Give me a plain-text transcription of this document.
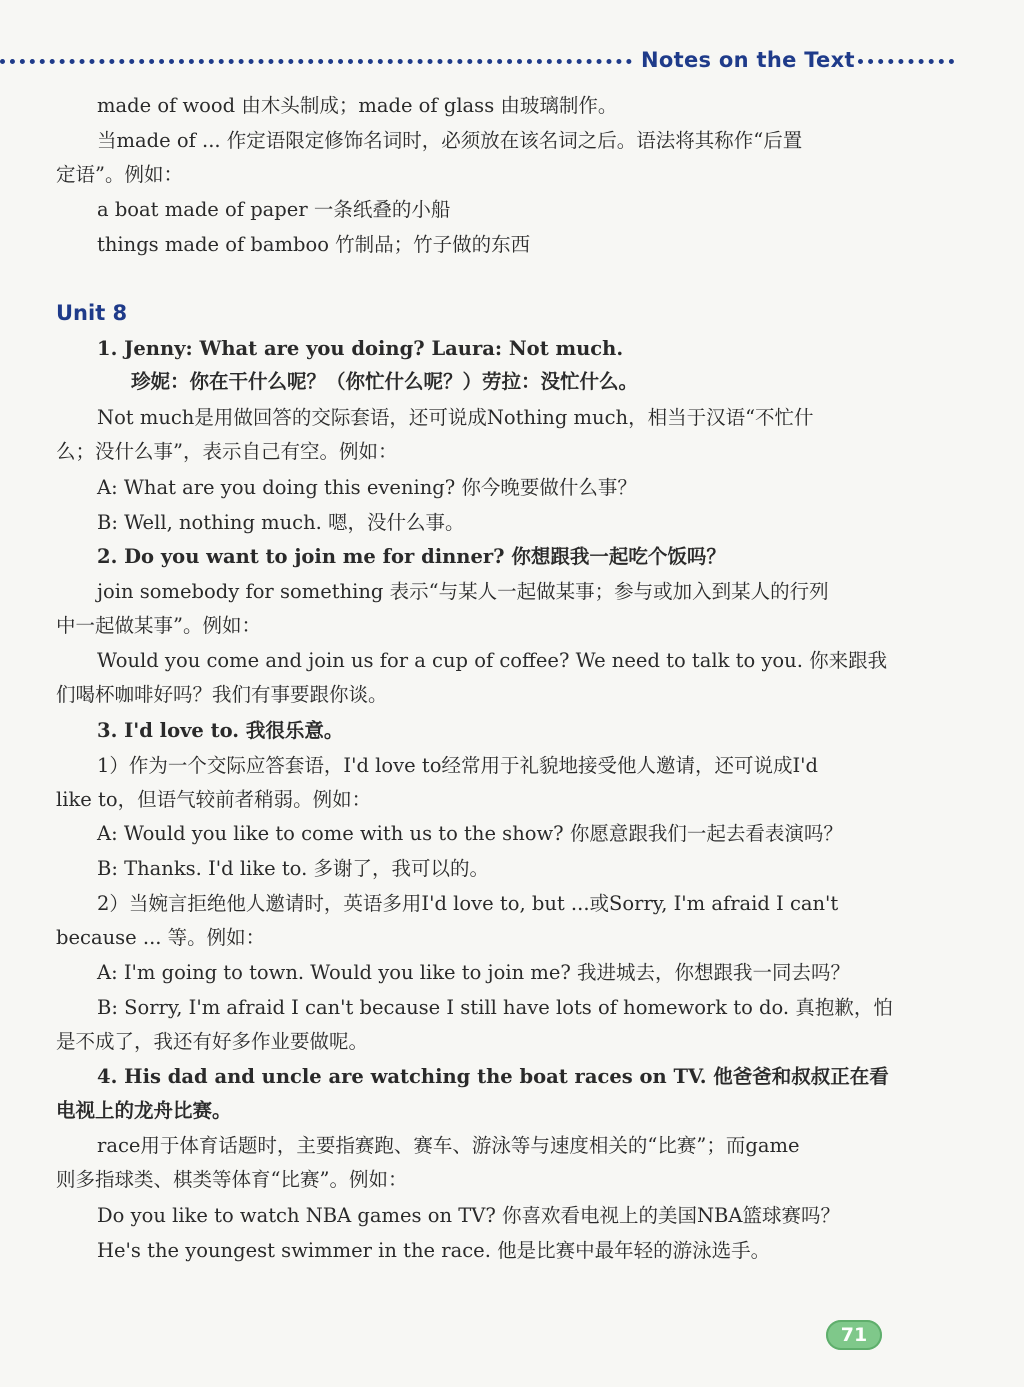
Notes on the Text
made of wood 由木头制成；made of glass 由玻璃制作。
当made of ... 作定语限定修饰名词时，必须放在该名词之后。语法将其称作“后置
定语”。例如：
a boat made of paper 一条纸叠的小船
things made of bamboo 竹制品；竹子做的东西
Unit 8
1. Jenny: What are you doing? Laura: Not much.
珍妮：你在干什么呢？（你忙什么呢？）劳拉：没忙什么。
Not much是用做回答的交际套语，还可说成Nothing much，相当于汉语“不忙什
么；没什么事”，表示自己有空。例如：
A: What are you doing this evening? 你今晚要做什么事？
B: Well, nothing much. 嗯，没什么事。
2. Do you want to join me for dinner? 你想跟我一起吃个饭吗？
join somebody for something 表示“与某人一起做某事；参与或加入到某人的行列
中一起做某事”。例如：
Would you come and join us for a cup of coffee? We need to talk to you. 你来跟我
们喝杯咖啡好吗？我们有事要跟你谈。
3. I'd love to. 我很乐意。
1）作为一个交际应答套语，I'd love to经常用于礼貌地接受他人邀请，还可说成I'd
like to，但语气较前者稍弱。例如：
A: Would you like to come with us to the show? 你愿意跟我们一起去看表演吗？
B: Thanks. I'd like to. 多谢了，我可以的。
2）当婉言拒绝他人邀请时，英语多用I'd love to, but ...或Sorry, I'm afraid I can't
because ... 等。例如：
A: I'm going to town. Would you like to join me? 我进城去，你想跟我一同去吗？
B: Sorry, I'm afraid I can't because I still have lots of homework to do. 真抱歉，怕
是不成了，我还有好多作业要做呢。
4. His dad and uncle are watching the boat races on TV. 他爸爸和叔叔正在看
电视上的龙舟比赛。
race用于体育话题时，主要指赛跑、赛车、游泳等与速度相关的“比赛”；而game
则多指球类、棋类等体育“比赛”。例如：
Do you like to watch NBA games on TV? 你喜欢看电视上的美国NBA篮球赛吗？
He's the youngest swimmer in the race. 他是比赛中最年轻的游泳选手。
71
